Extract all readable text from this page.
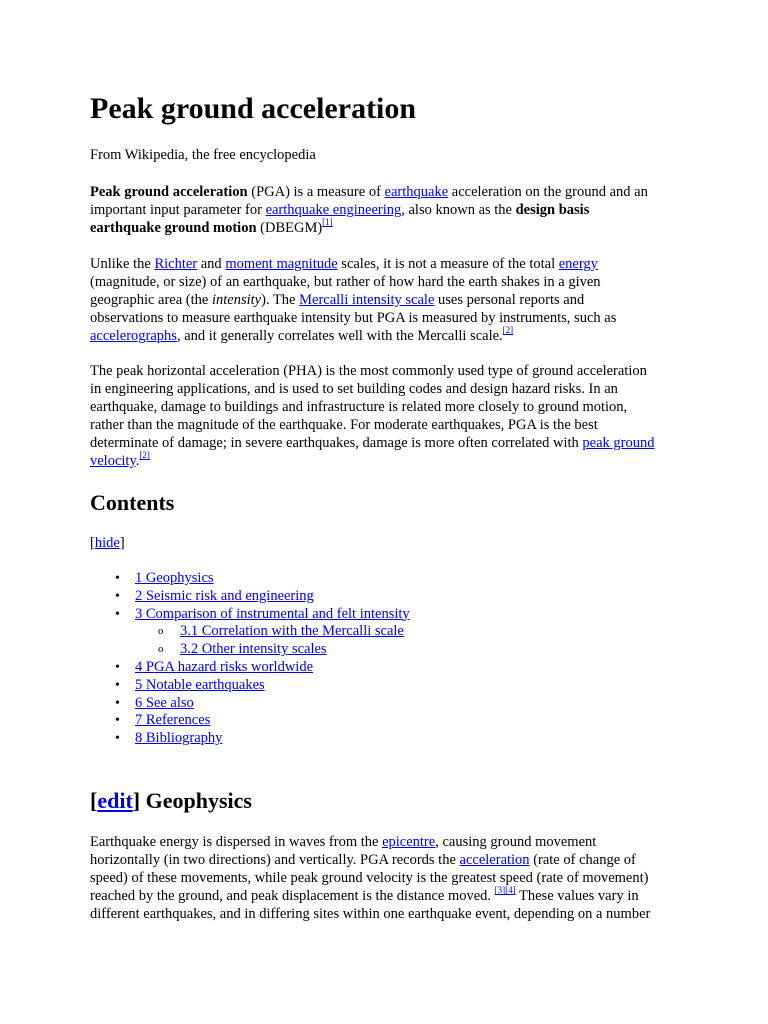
Peak ground acceleration

From Wikipedia, the free encyclopedia

Peak ground acceleration (PGA) is a measure of earthquake acceleration on the ground and an
important input parameter for earthquake engineering, also known as the design basis
earthquake ground motion (DBEGM)[1]

Unlike the Richter and moment magnitude scales, it is not a measure of the total energy
(magnitude, or size) of an earthquake, but rather of how hard the earth shakes in a given
geographic area (the intensity). The Mercalli intensity scale uses personal reports and
observations to measure earthquake intensity but PGA is measured by instruments, such as
accelerographs, and it generally correlates well with the Mercalli scale.[2]

The peak horizontal acceleration (PHA) is the most commonly used type of ground acceleration
in engineering applications, and is used to set building codes and design hazard risks. In an
earthquake, damage to buildings and infrastructure is related more closely to ground motion,
rather than the magnitude of the earthquake. For moderate earthquakes, PGA is the best
determinate of damage; in severe earthquakes, damage is more often correlated with peak ground
velocity.[2]

Contents

[hide]

• 1 Geophysics
• 2 Seismic risk and engineering
• 3 Comparison of instrumental and felt intensity
o 3.1 Correlation with the Mercalli scale
o 3.2 Other intensity scales
• 4 PGA hazard risks worldwide
• 5 Notable earthquakes
• 6 See also
• 7 References
• 8 Bibliography
[edit] Geophysics

Earthquake energy is dispersed in waves from the epicentre, causing ground movement
horizontally (in two directions) and vertically. PGA records the acceleration (rate of change of
speed) of these movements, while peak ground velocity is the greatest speed (rate of movement)
reached by the ground, and peak displacement is the distance moved. [3][4] These values vary in
different earthquakes, and in differing sites within one earthquake event, depending on a number
